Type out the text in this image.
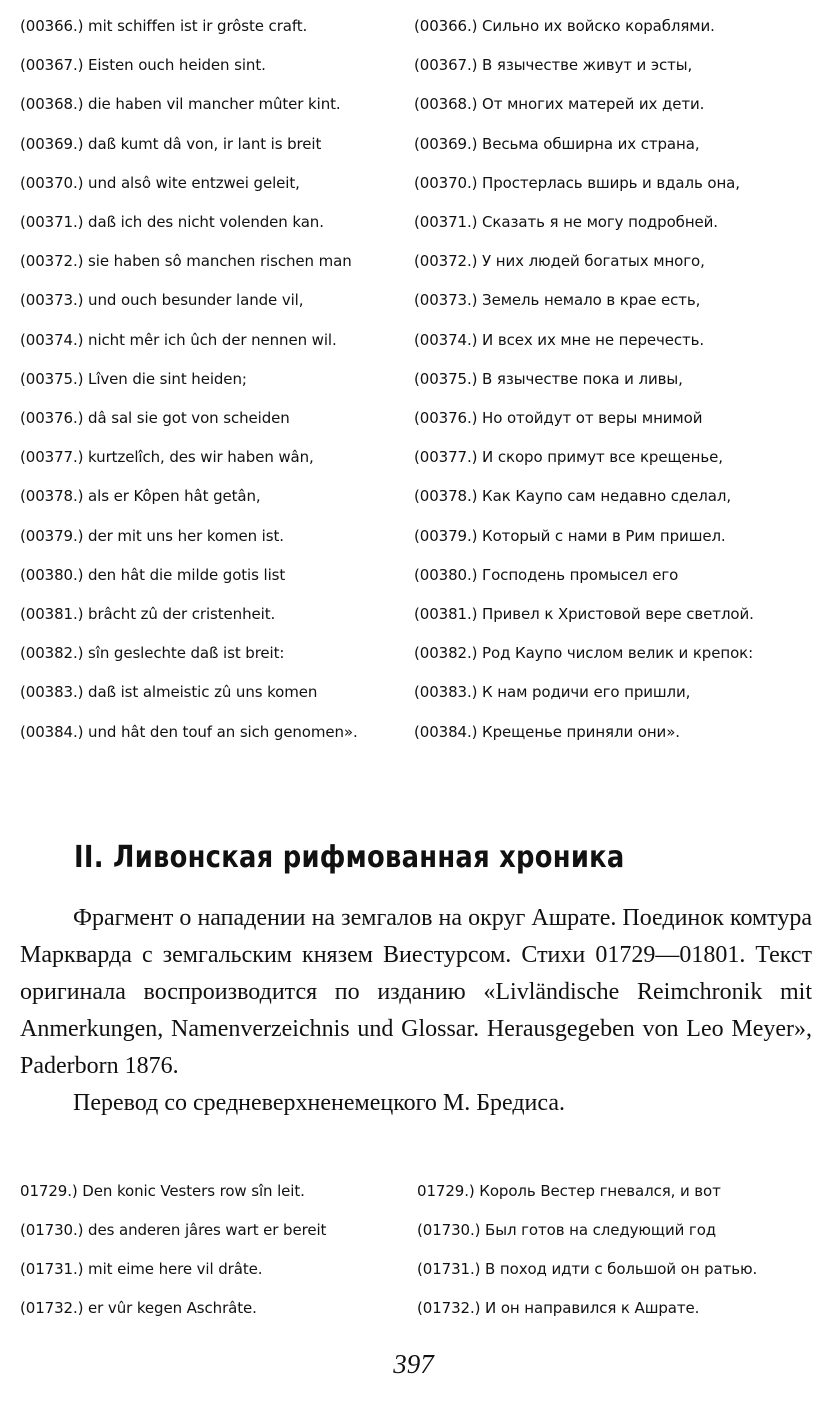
(00366.) mit schiffen ist ir grôste craft.	(00366.) Сильно их войско кораблями.
(00367.) Eisten ouch heiden sint.	(00367.) В язычестве живут и эсты,
(00368.) die haben vil mancher mûter kint.	(00368.) От многих матерей их дети.
(00369.) daß kumt dâ von, ir lant is breit	(00369.) Весьма обширна их страна,
(00370.) und alsô wite entzwei geleit,	(00370.) Простерлась вширь и вдаль она,
(00371.) daß ich des nicht volenden kan.	(00371.) Сказать я не могу подробней.
(00372.) sie haben sô manchen rischen man	(00372.) У них людей богатых много,
(00373.) und ouch besunder lande vil,	(00373.) Земель немало в крае есть,
(00374.) nicht mêr ich ûch der nennen wil.	(00374.) И всех их мне не перечесть.
(00375.) Lîven die sint heiden;	(00375.) В язычестве пока и ливы,
(00376.) dâ sal sie got von scheiden	(00376.) Но отойдут от веры мнимой
(00377.) kurtzelîch, des wir haben wân,	(00377.) И скоро примут все крещенье,
(00378.) als er Kôpen hât getân,	(00378.) Как Каупо сам недавно сделал,
(00379.) der mit uns her komen ist.	(00379.) Который с нами в Рим пришел.
(00380.) den hât die milde gotis list	(00380.) Господень промысел его
(00381.) brâcht zû der cristenheit.	(00381.) Привел к Христовой вере светлой.
(00382.) sîn geslechte daß ist breit:	(00382.) Род Каупо числом велик и крепок:
(00383.) daß ist almeistic zû uns komen	(00383.) К нам родичи его пришли,
(00384.) und hât den touf an sich genomen».	(00384.) Крещенье приняли они».
II. Ливонская рифмованная хроника

Фрагмент о нападении на земгалов на округ Ашрате. Поединок комтура Маркварда с земгальским князем Виестурсом. Стихи 01729—01801. Текст оригинала воспроизводится по изданию «Livländische Reimchronik mit Anmerkungen, Namenverzeichnis und Glossar. Herausgegeben von Leo Meyer», Paderborn 1876.

Перевод со средневерхненемецкого М. Бредиса.

01729.) Den konic Vesters row sîn leit.	01729.) Король Вестер гневался, и вот
(01730.) des anderen jâres wart er bereit	(01730.) Был готов на следующий год
(01731.) mit eime here vil drâte.	(01731.) В поход идти с большой он ратью.
(01732.) er vûr kegen Aschrâte.	(01732.) И он направился к Ашрате.
397
